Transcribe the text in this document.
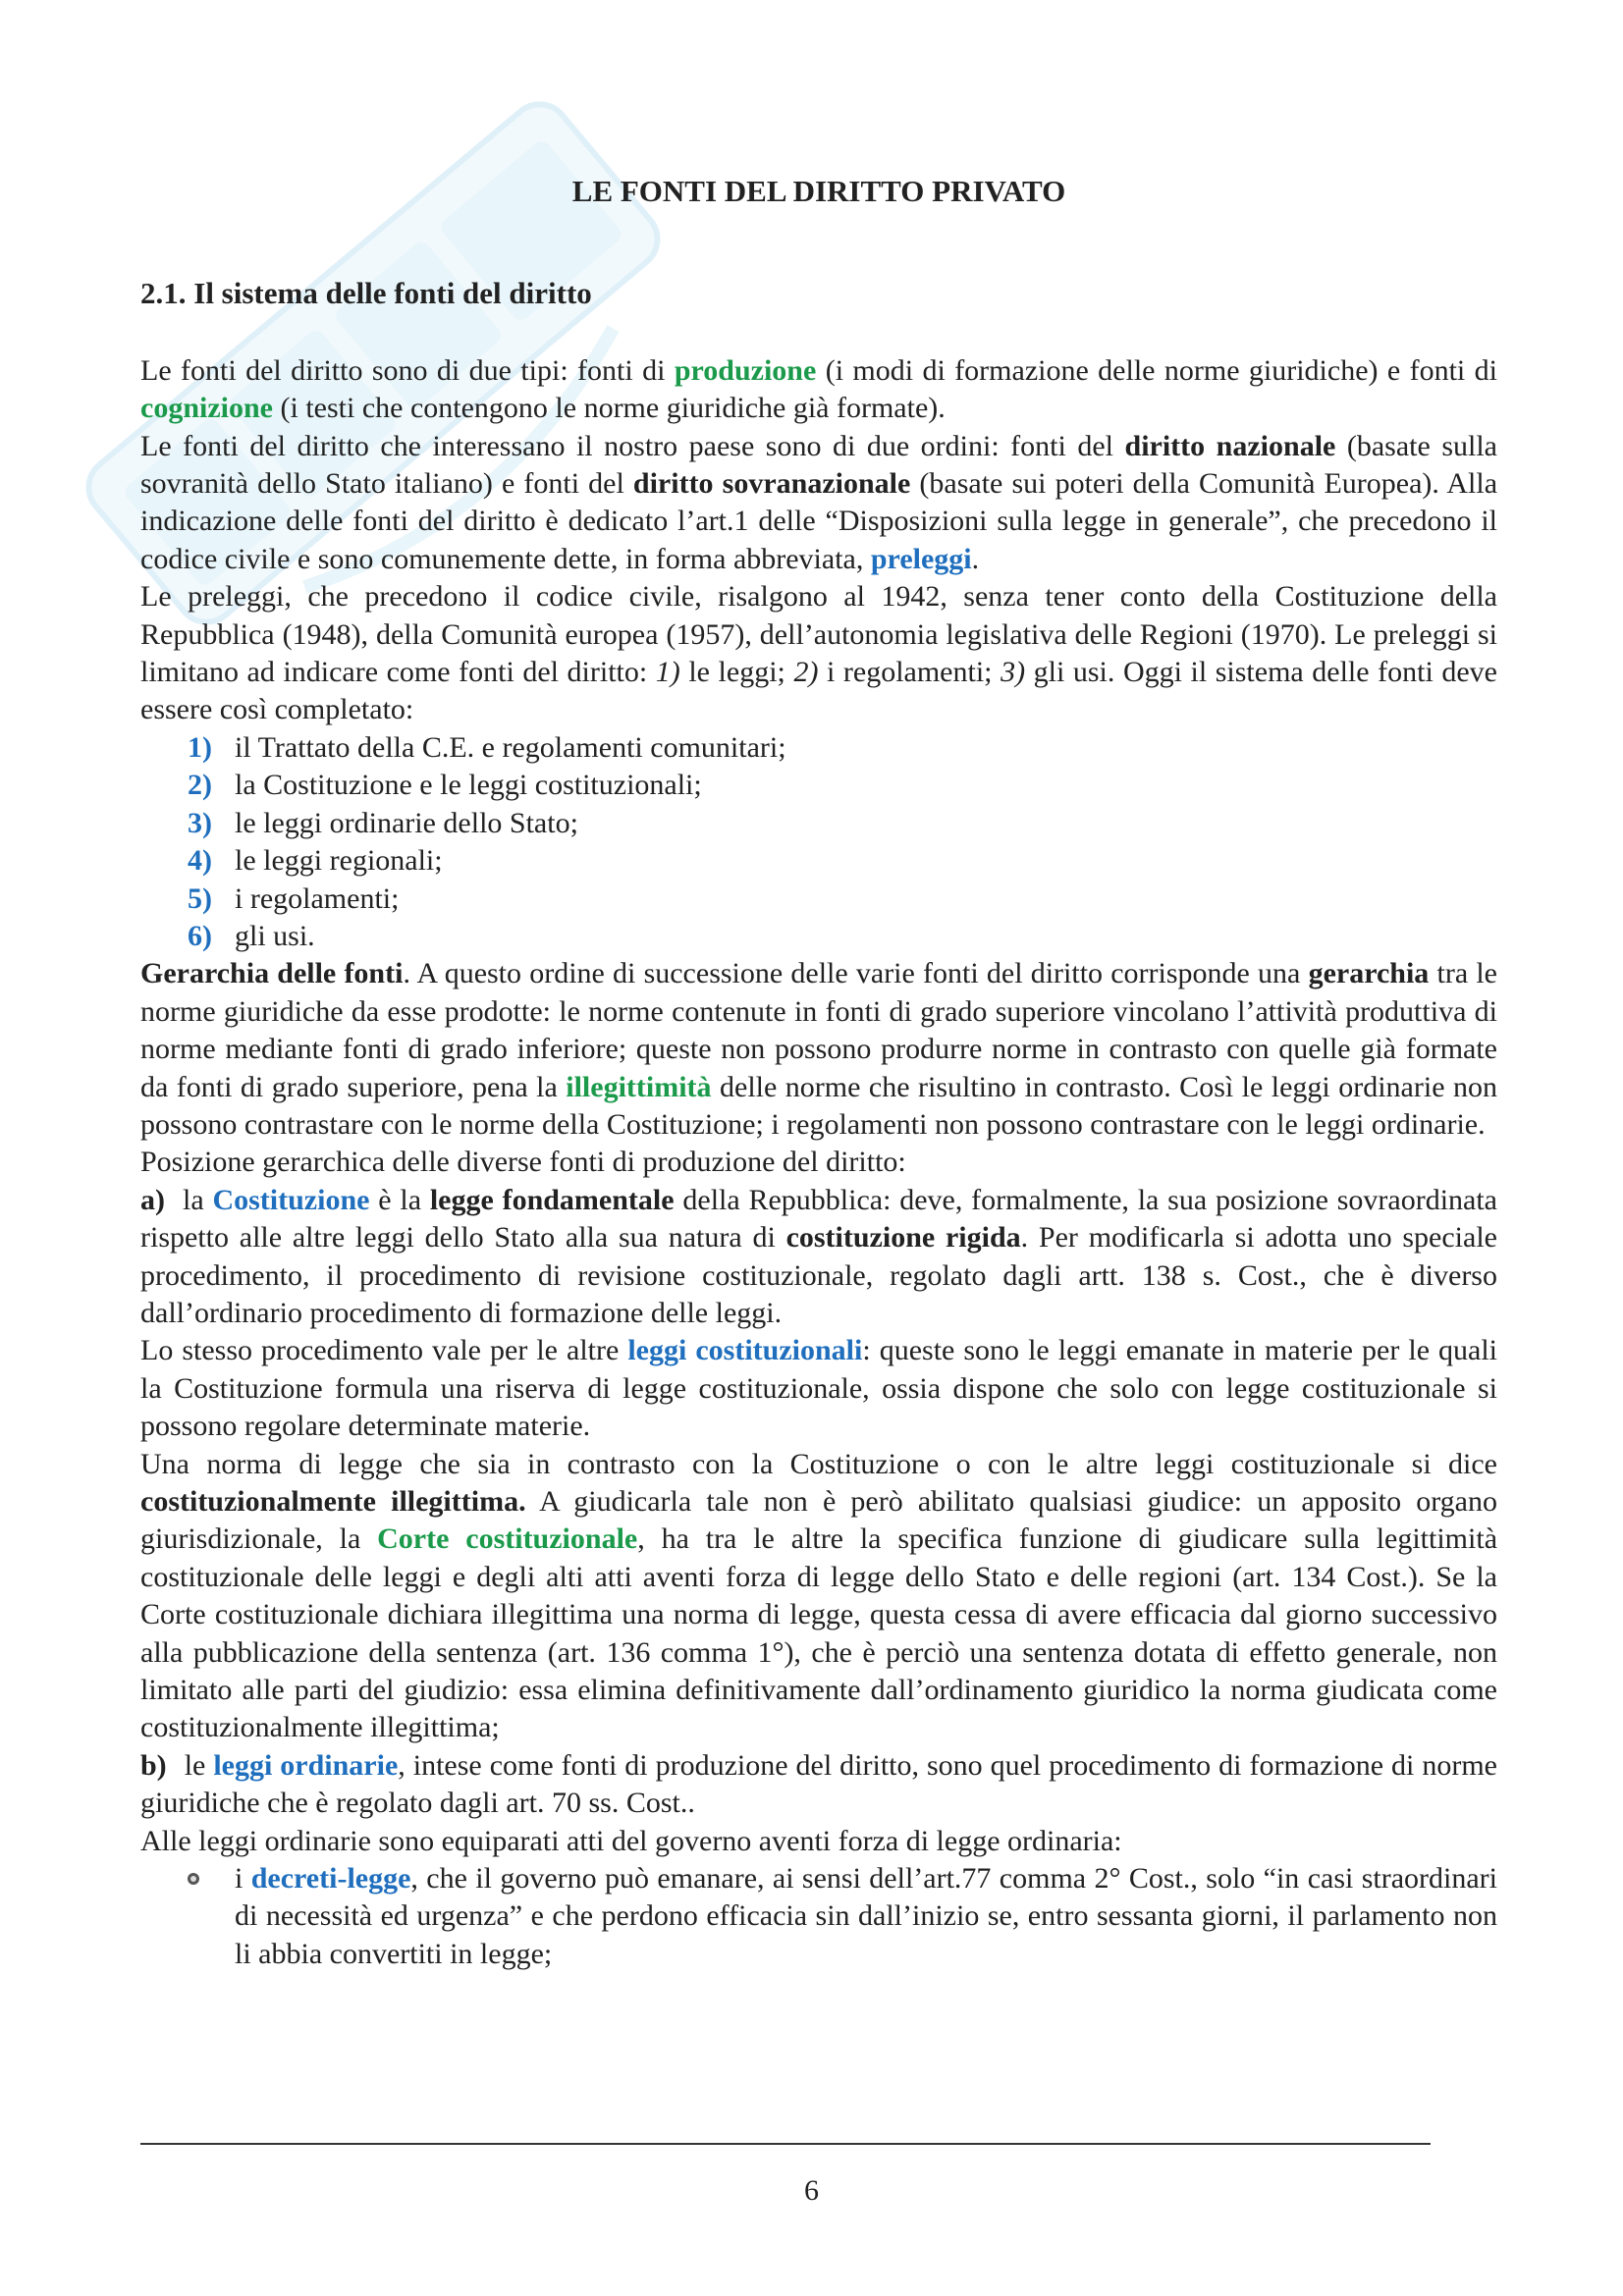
LE FONTI DEL DIRITTO PRIVATO
2.1. Il sistema delle fonti del diritto

Le fonti del diritto sono di due tipi: fonti di produzione (i modi di formazione delle norme giuridiche) e fonti di cognizione (i testi che contengono le norme giuridiche già formate).

Le fonti del diritto che interessano il nostro paese sono di due ordini: fonti del diritto nazionale (basate sulla sovranità dello Stato italiano) e fonti del diritto sovranazionale (basate sui poteri della Comunità Europea). Alla indicazione delle fonti del diritto è dedicato l’art.1 delle “Disposizioni sulla legge in generale”, che precedono il codice civile e sono comunemente dette, in forma abbreviata, preleggi.

Le preleggi, che precedono il codice civile, risalgono al 1942, senza tener conto della Costituzione della Repubblica (1948), della Comunità europea (1957), dell’autonomia legislativa delle Regioni (1970). Le preleggi si limitano ad indicare come fonti del diritto: 1) le leggi; 2) i regolamenti; 3) gli usi. Oggi il sistema delle fonti deve essere così completato:

1) il Trattato della C.E. e regolamenti comunitari;
2) la Costituzione e le leggi costituzionali;
3) le leggi ordinarie dello Stato;
4) le leggi regionali;
5) i regolamenti;
6) gli usi.

Gerarchia delle fonti. A questo ordine di successione delle varie fonti del diritto corrisponde una gerarchia tra le norme giuridiche da esse prodotte: le norme contenute in fonti di grado superiore vincolano l’attività produttiva di norme mediante fonti di grado inferiore; queste non possono produrre norme in contrasto con quelle già formate da fonti di grado superiore, pena la illegittimità delle norme che risultino in contrasto. Così le leggi ordinarie non possono contrastare con le norme della Costituzione; i regolamenti non possono contrastare con le leggi ordinarie.

Posizione gerarchica delle diverse fonti di produzione del diritto:

a) la Costituzione è la legge fondamentale della Repubblica: deve, formalmente, la sua posizione sovraordinata rispetto alle altre leggi dello Stato alla sua natura di costituzione rigida. Per modificarla si adotta uno speciale procedimento, il procedimento di revisione costituzionale, regolato dagli artt. 138 s. Cost., che è diverso dall’ordinario procedimento di formazione delle leggi.

Lo stesso procedimento vale per le altre leggi costituzionali: queste sono le leggi emanate in materie per le quali la Costituzione formula una riserva di legge costituzionale, ossia dispone che solo con legge costituzionale si possono regolare determinate materie.

Una norma di legge che sia in contrasto con la Costituzione o con le altre leggi costituzionale si dice costituzionalmente illegittima. A giudicarla tale non è però abilitato qualsiasi giudice: un apposito organo giurisdizionale, la Corte costituzionale, ha tra le altre la specifica funzione di giudicare sulla legittimità costituzionale delle leggi e degli alti atti aventi forza di legge dello Stato e delle regioni (art. 134 Cost.). Se la Corte costituzionale dichiara illegittima una norma di legge, questa cessa di avere efficacia dal giorno successivo alla pubblicazione della sentenza (art. 136 comma 1°), che è perciò una sentenza dotata di effetto generale, non limitato alle parti del giudizio: essa elimina definitivamente dall’ordinamento giuridico la norma giudicata come costituzionalmente illegittima;

b) le leggi ordinarie, intese come fonti di produzione del diritto, sono quel procedimento di formazione di norme giuridiche che è regolato dagli art. 70 ss. Cost..

Alle leggi ordinarie sono equiparati atti del governo aventi forza di legge ordinaria:

i decreti-legge, che il governo può emanare, ai sensi dell’art.77 comma 2° Cost., solo “in casi straordinari di necessità ed urgenza” e che perdono efficacia sin dall’inizio se, entro sessanta giorni, il parlamento non li abbia convertiti in legge;
6
